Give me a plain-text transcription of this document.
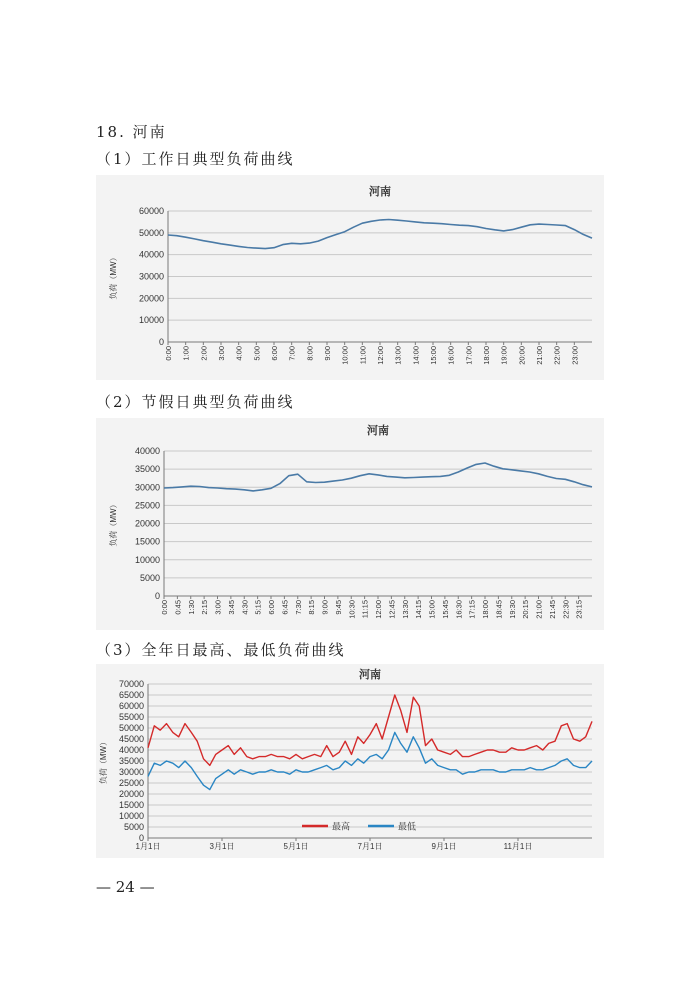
18. 河南
（1）工作日典型负荷曲线
河南
0
10000
20000
30000
40000
50000
60000
负荷（MW）
0:00 1:00 2:00 3:00 4:00 5:00 6:00 7:00 8:00 9:00 10:00 11:00 12:00 13:00 14:00 15:00 16:00 17:00 18:00 19:00 20:00 21:00 22:00 23:00
（2）节假日典型负荷曲线
河南
0
5000
10000
15000
20000
25000
30000
35000
40000
负荷（MW）
0:00 0:45 1:30 2:15 3:00 3:45 4:30 5:15 6:00 6:45 7:30 8:15 9:00 9:45 10:30 11:15 12:00 12:45 13:30 14:15 15:00 15:45 16:30 17:15 18:00 18:45 19:30 20:15 21:00 21:45 22:30 23:15
（3）全年日最高、最低负荷曲线
河南
0
5000
10000
15000
20000
25000
30000
35000
40000
45000
50000
55000
60000
65000
70000
负荷（MW）
1月1日	3月1日	5月1日	7月1日	9月1日	11月1日
最高	最低
— 24 —
